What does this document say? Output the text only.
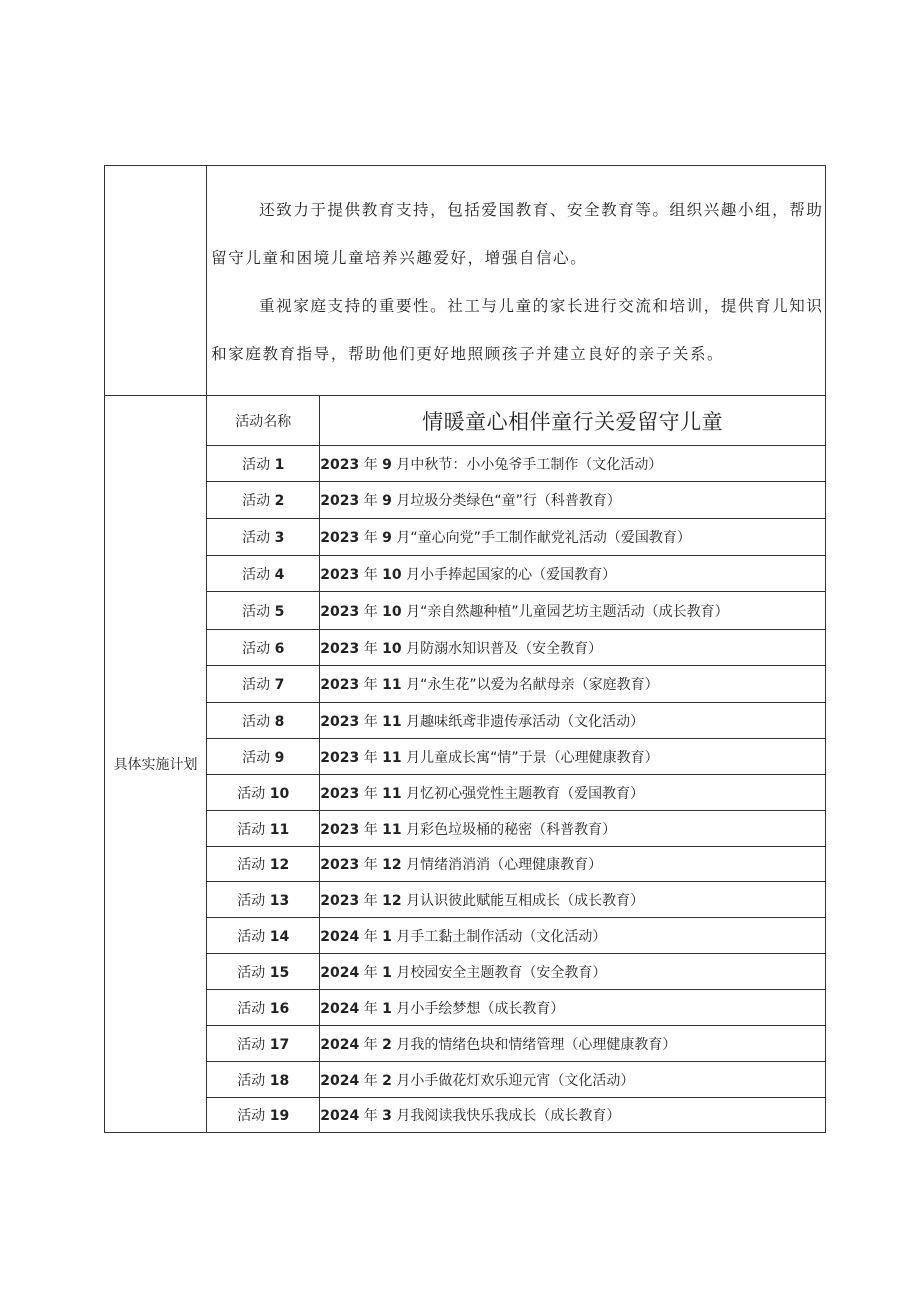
	还致力于提供教育支持，包括爱国教育、安全教育等。组织兴趣小组，帮助留守儿童和困境儿童培养兴趣爱好，增强自信心。

重视家庭支持的重要性。社工与儿童的家长进行交流和培训，提供育儿知识和家庭教育指导，帮助他们更好地照顾孩子并建立良好的亲子关系。	

具体实施计划	活动名称	情暖童心相伴童行关爱留守儿童
	活动 1	2023 年 9 月中秋节：小小兔爷手工制作（文化活动）
	活动 2	2023 年 9 月垃圾分类绿色“童”行（科普教育）
	活动 3	2023 年 9 月“童心向党”手工制作献党礼活动（爱国教育）
	活动 4	2023 年 10 月小手捧起国家的心（爱国教育）
	活动 5	2023 年 10 月“亲自然趣种植”儿童园艺坊主题活动（成长教育）
	活动 6	2023 年 10 月防溺水知识普及（安全教育）
	活动 7	2023 年 11 月“永生花”以爱为名献母亲（家庭教育）
	活动 8	2023 年 11 月趣味纸鸢非遗传承活动（文化活动）
	活动 9	2023 年 11 月儿童成长寓“情”于景（心理健康教育）
	活动 10	2023 年 11 月忆初心强党性主题教育（爱国教育）
	活动 11	2023 年 11 月彩色垃圾桶的秘密（科普教育）
	活动 12	2023 年 12 月情绪消消消（心理健康教育）
	活动 13	2023 年 12 月认识彼此赋能互相成长（成长教育）
	活动 14	2024 年 1 月手工黏土制作活动（文化活动）
	活动 15	2024 年 1 月校园安全主题教育（安全教育）
	活动 16	2024 年 1 月小手绘梦想（成长教育）
	活动 17	2024 年 2 月我的情绪色块和情绪管理（心理健康教育）
	活动 18	2024 年 2 月小手做花灯欢乐迎元宵（文化活动）
	活动 19	2024 年 3 月我阅读我快乐我成长（成长教育）
